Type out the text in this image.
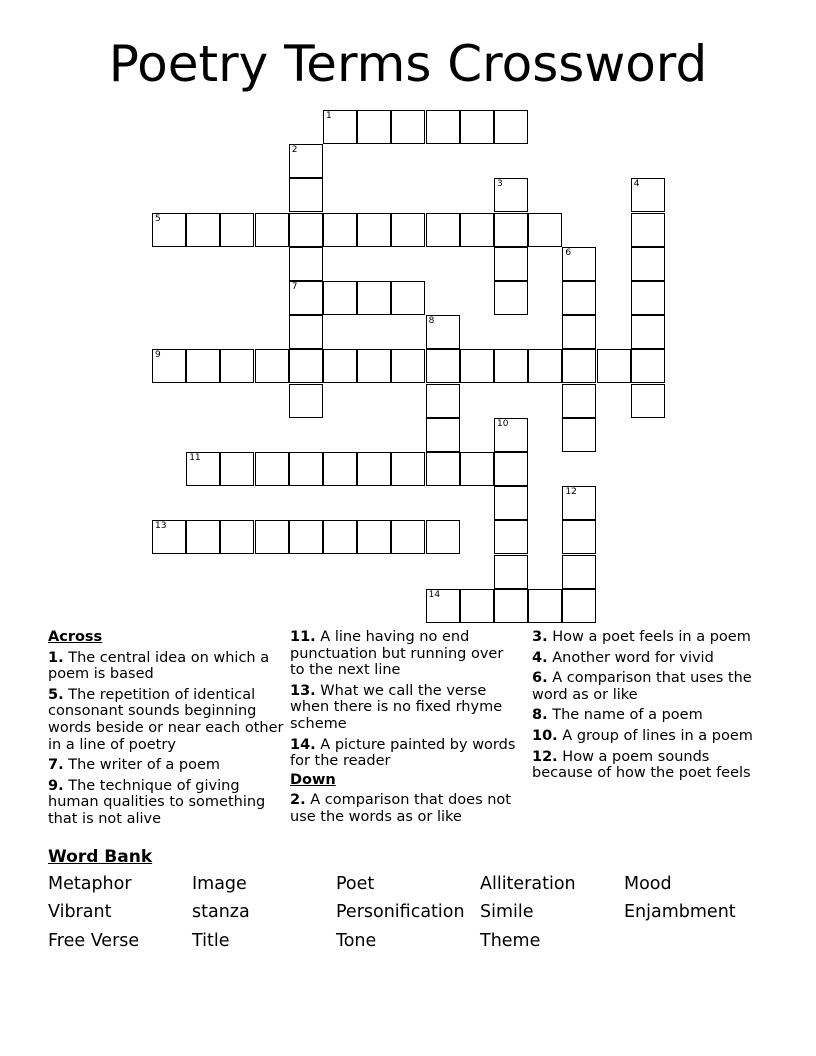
Poetry Terms Crossword
1
2
3	4
5
6
7
8
9
10
11
12
13
14
Across
1. The central idea on which a poem is based
5. The repetition of identical consonant sounds beginning words beside or near each other in a line of poetry
7. The writer of a poem
9. The technique of giving human qualities to something that is not alive
11. A line having no end punctuation but running over to the next line
13. What we call the verse when there is no fixed rhyme scheme
14. A picture painted by words for the reader
Down
2. A comparison that does not use the words as or like
3. How a poet feels in a poem
4. Another word for vivid
6. A comparison that uses the word as or like
8. The name of a poem
10. A group of lines in a poem
12. How a poem sounds because of how the poet feels
Word Bank
Metaphor	Image	Poet	Alliteration	Mood
Vibrant	stanza	Personification Simile	Enjambment
Free Verse	Title	Tone	Theme
